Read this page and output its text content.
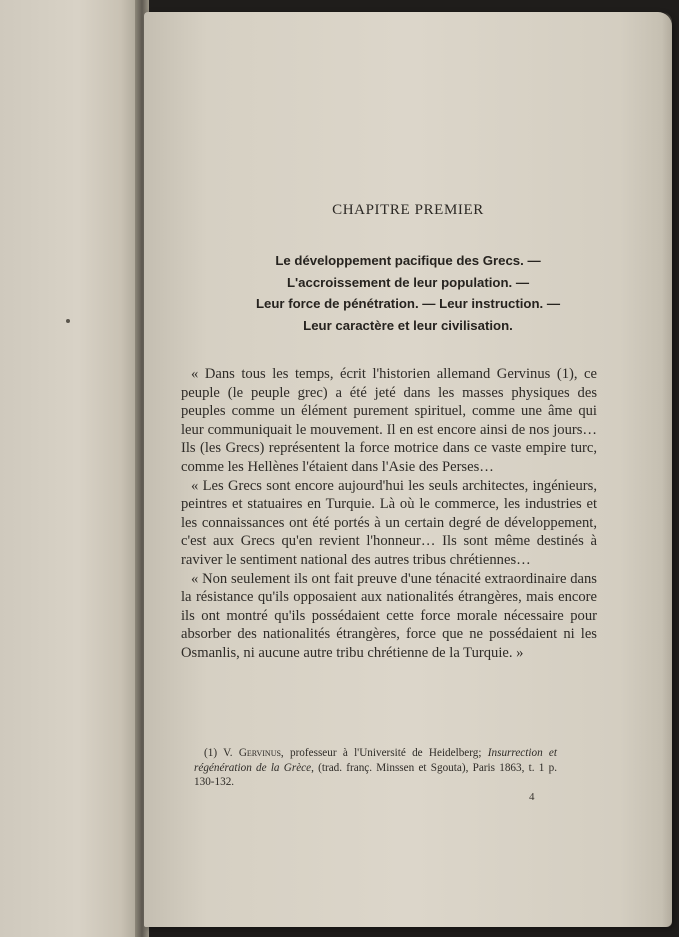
CHAPITRE PREMIER
Le développement pacifique des Grecs. —
L'accroissement de leur population. —
Leur force de pénétration. — Leur instruction. —
Leur caractère et leur civilisation.

« Dans tous les temps, écrit l'historien allemand Gervinus (1), ce peuple (le peuple grec) a été jeté dans les masses physiques des peuples comme un élément purement spirituel, comme une âme qui leur communiquait le mouvement. Il en est encore ainsi de nos jours… Ils (les Grecs) représentent la force motrice dans ce vaste empire turc, comme les Hellènes l'étaient dans l'Asie des Perses…

« Les Grecs sont encore aujourd'hui les seuls architectes, ingénieurs, peintres et statuaires en Turquie. Là où le commerce, les industries et les connaissances ont été portés à un certain degré de développement, c'est aux Grecs qu'en revient l'honneur… Ils sont même destinés à raviver le sentiment national des autres tribus chrétiennes…

« Non seulement ils ont fait preuve d'une ténacité extraordinaire dans la résistance qu'ils opposaient aux nationalités étrangères, mais encore ils ont montré qu'ils possédaient cette force morale nécessaire pour absorber des nationalités étrangères, force que ne possédaient ni les Osmanlis, ni aucune autre tribu chrétienne de la Turquie. »

(1) V. Gervinus, professeur à l'Université de Heidelberg; Insurrection et régénération de la Grèce, (trad. franç. Minssen et Sgouta), Paris 1863, t. 1 p. 130-132.
4
